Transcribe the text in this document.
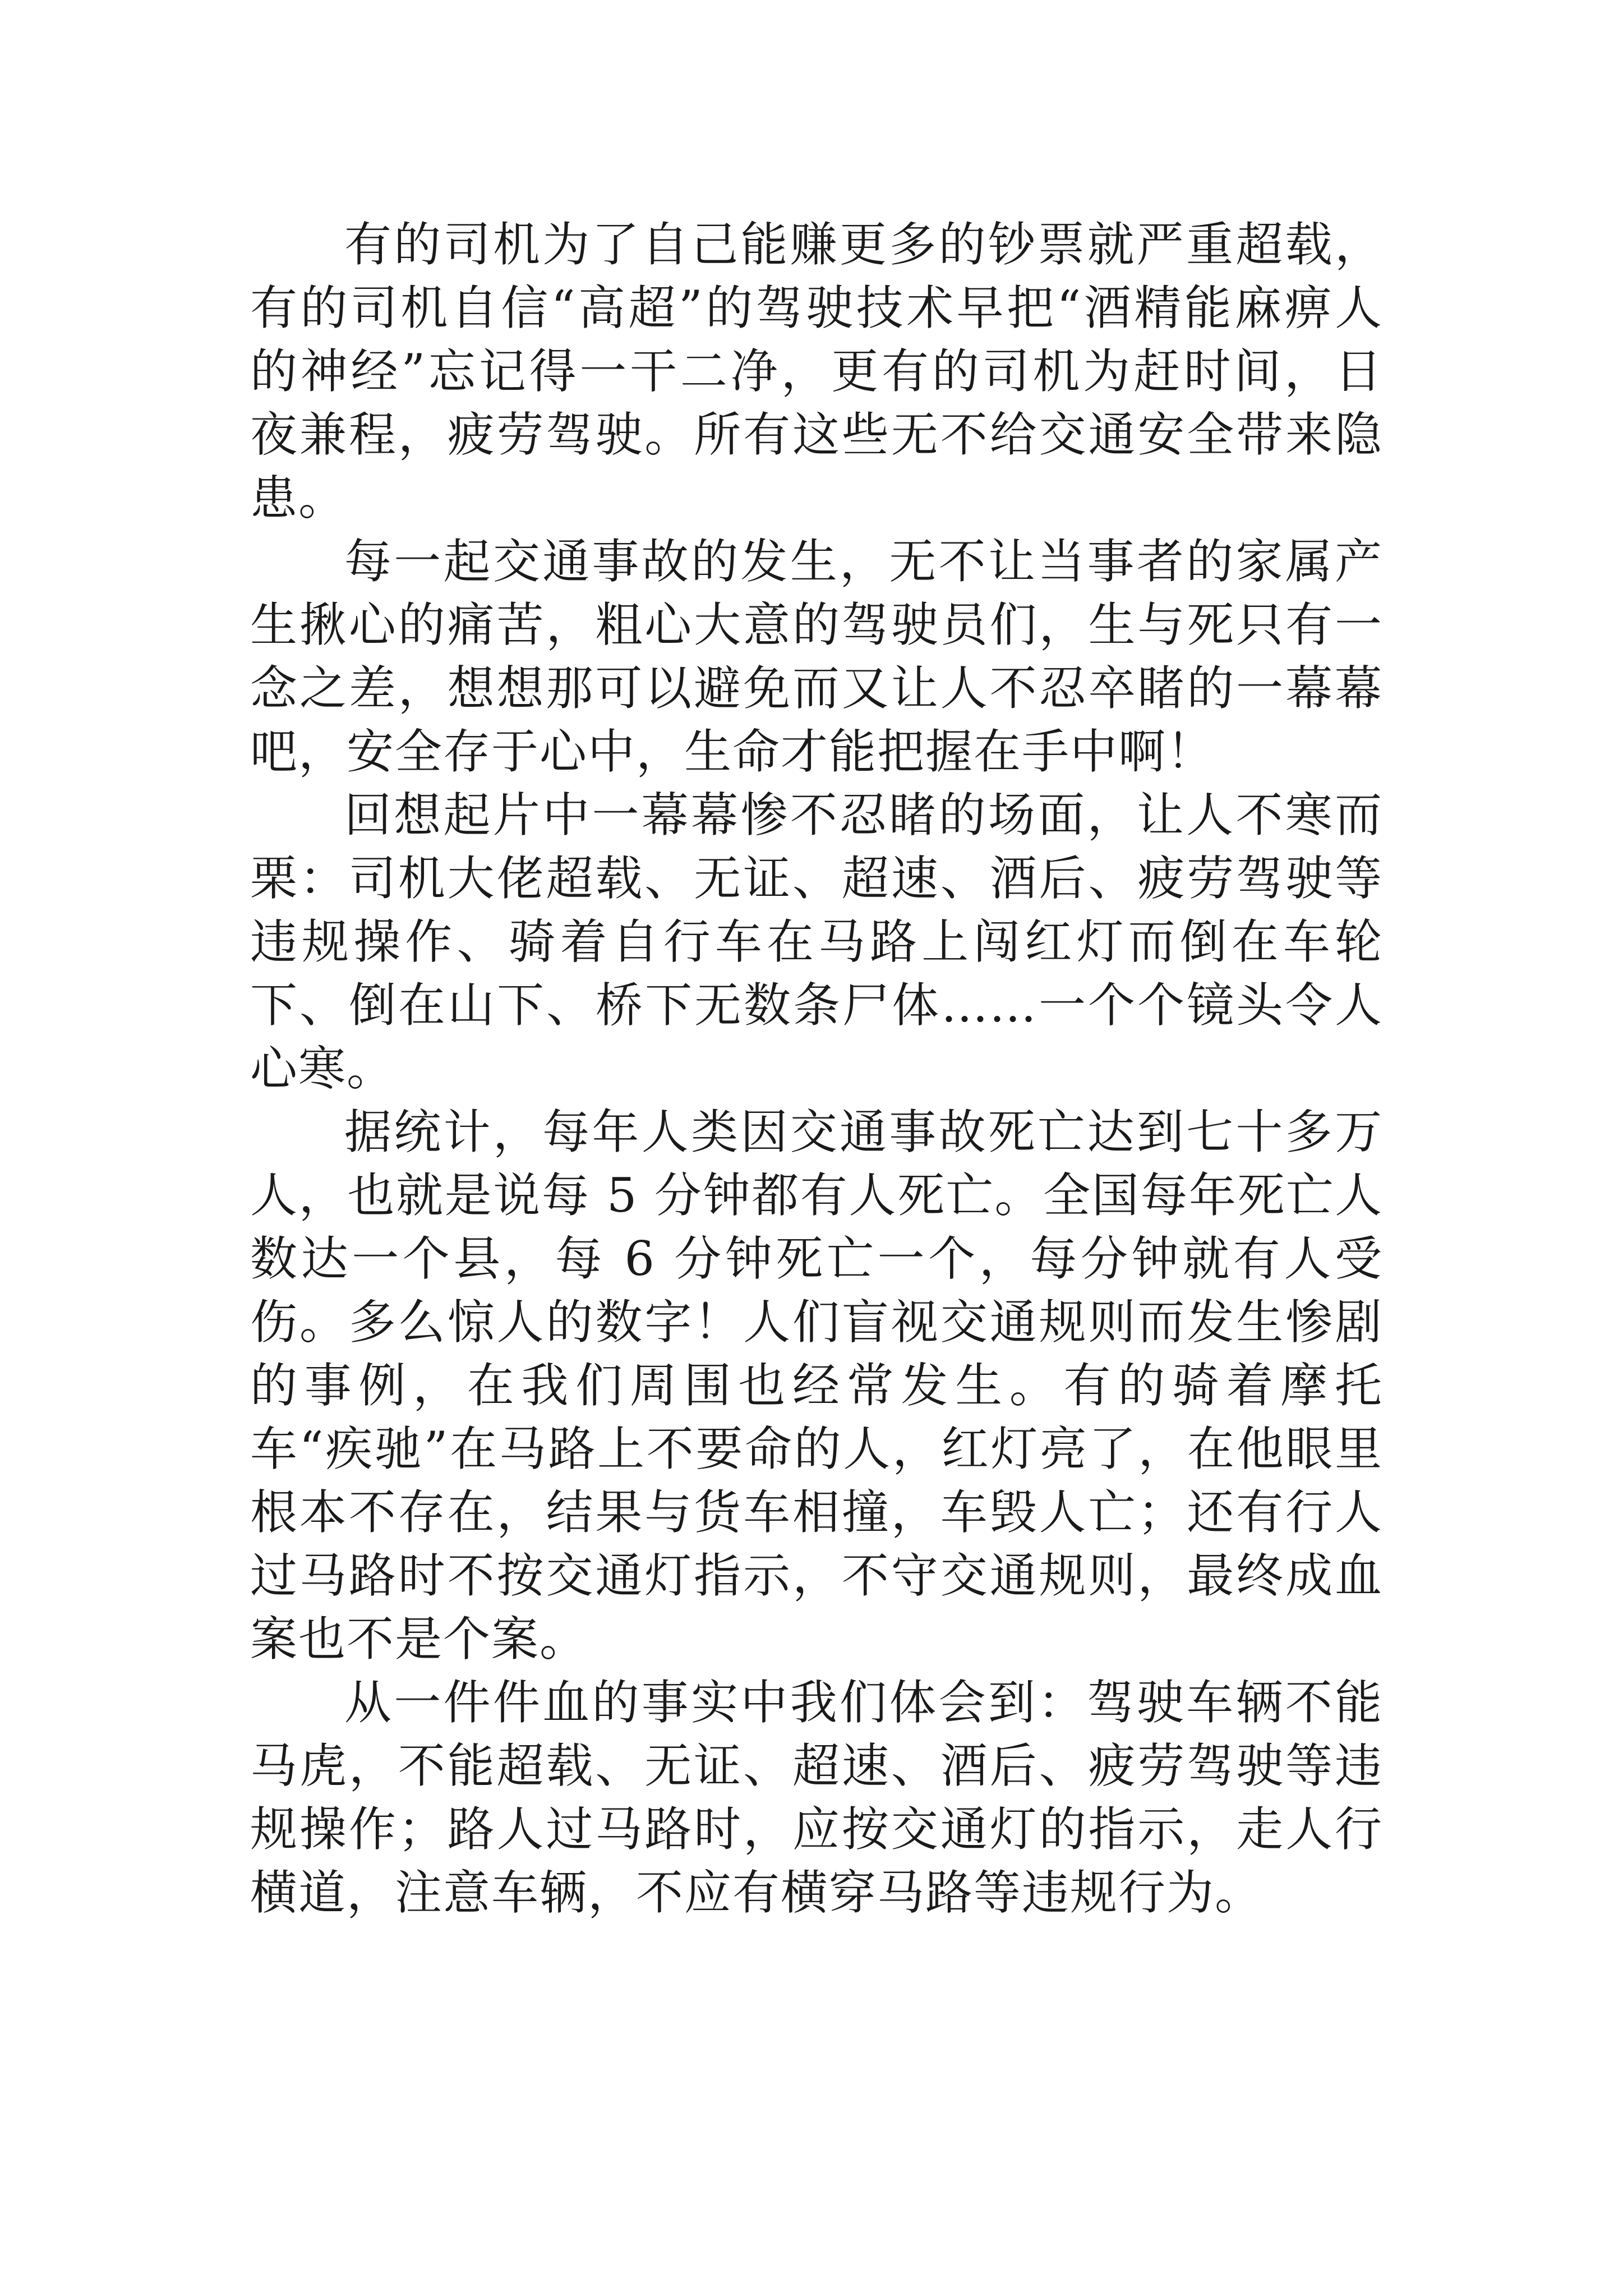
有的司机为了自己能赚更多的钞票就严重超载，有的司机自信“高超”的驾驶技术早把“酒精能麻痹人的神经”忘记得一干二净，更有的司机为赶时间，日夜兼程，疲劳驾驶。所有这些无不给交通安全带来隐患。

每一起交通事故的发生，无不让当事者的家属产生揪心的痛苦，粗心大意的驾驶员们，生与死只有一念之差，想想那可以避免而又让人不忍卒睹的一幕幕吧，安全存于心中，生命才能把握在手中啊！

回想起片中一幕幕惨不忍睹的场面，让人不寒而栗：司机大佬超载、无证、超速、酒后、疲劳驾驶等违规操作、骑着自行车在马路上闯红灯而倒在车轮下、倒在山下、桥下无数条尸体……一个个镜头令人心寒。

据统计，每年人类因交通事故死亡达到七十多万人，也就是说每 5 分钟都有人死亡。全国每年死亡人数达一个县，每 6 分钟死亡一个，每分钟就有人受伤。多么惊人的数字！人们盲视交通规则而发生惨剧的事例，在我们周围也经常发生。有的骑着摩托车“疾驰”在马路上不要命的人，红灯亮了，在他眼里根本不存在，结果与货车相撞，车毁人亡；还有行人过马路时不按交通灯指示，不守交通规则，最终成血案也不是个案。

从一件件血的事实中我们体会到：驾驶车辆不能马虎，不能超载、无证、超速、酒后、疲劳驾驶等违规操作；路人过马路时，应按交通灯的指示，走人行横道，注意车辆，不应有横穿马路等违规行为。
